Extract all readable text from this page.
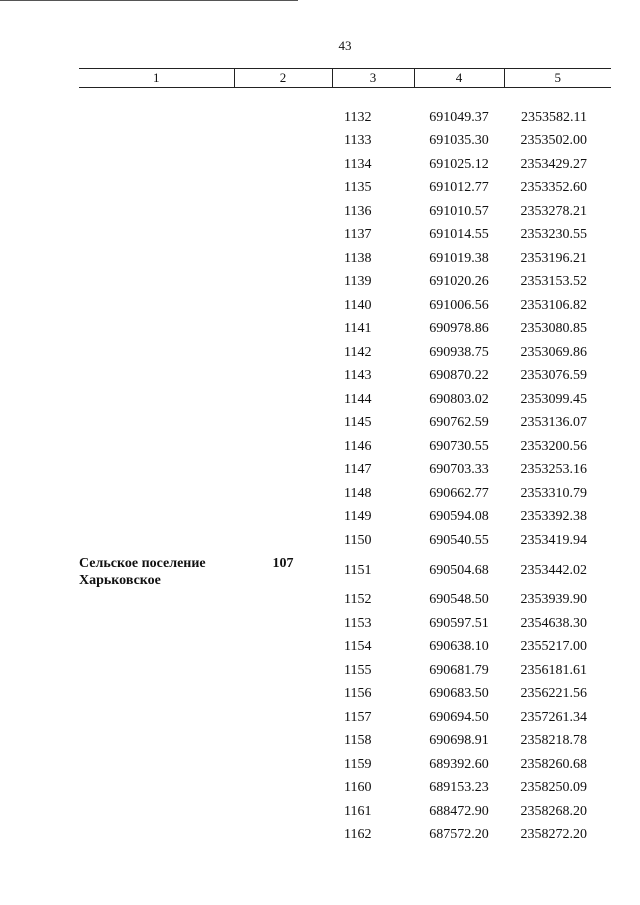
43
1	2	3	4	5

		1132	691049.37	2353582.11
		1133	691035.30	2353502.00
		1134	691025.12	2353429.27
		1135	691012.77	2353352.60
		1136	691010.57	2353278.21
		1137	691014.55	2353230.55
		1138	691019.38	2353196.21
		1139	691020.26	2353153.52
		1140	691006.56	2353106.82
		1141	690978.86	2353080.85
		1142	690938.75	2353069.86
		1143	690870.22	2353076.59
		1144	690803.02	2353099.45
		1145	690762.59	2353136.07
		1146	690730.55	2353200.56
		1147	690703.33	2353253.16
		1148	690662.77	2353310.79
		1149	690594.08	2353392.38
		1150	690540.55	2353419.94

Сельское поселение
Харьковское	107	1151	690504.68	2353442.02
		1152	690548.50	2353939.90
		1153	690597.51	2354638.30
		1154	690638.10	2355217.00
		1155	690681.79	2356181.61
		1156	690683.50	2356221.56
		1157	690694.50	2357261.34
		1158	690698.91	2358218.78
		1159	689392.60	2358260.68
		1160	689153.23	2358250.09
		1161	688472.90	2358268.20
		1162	687572.20	2358272.20
